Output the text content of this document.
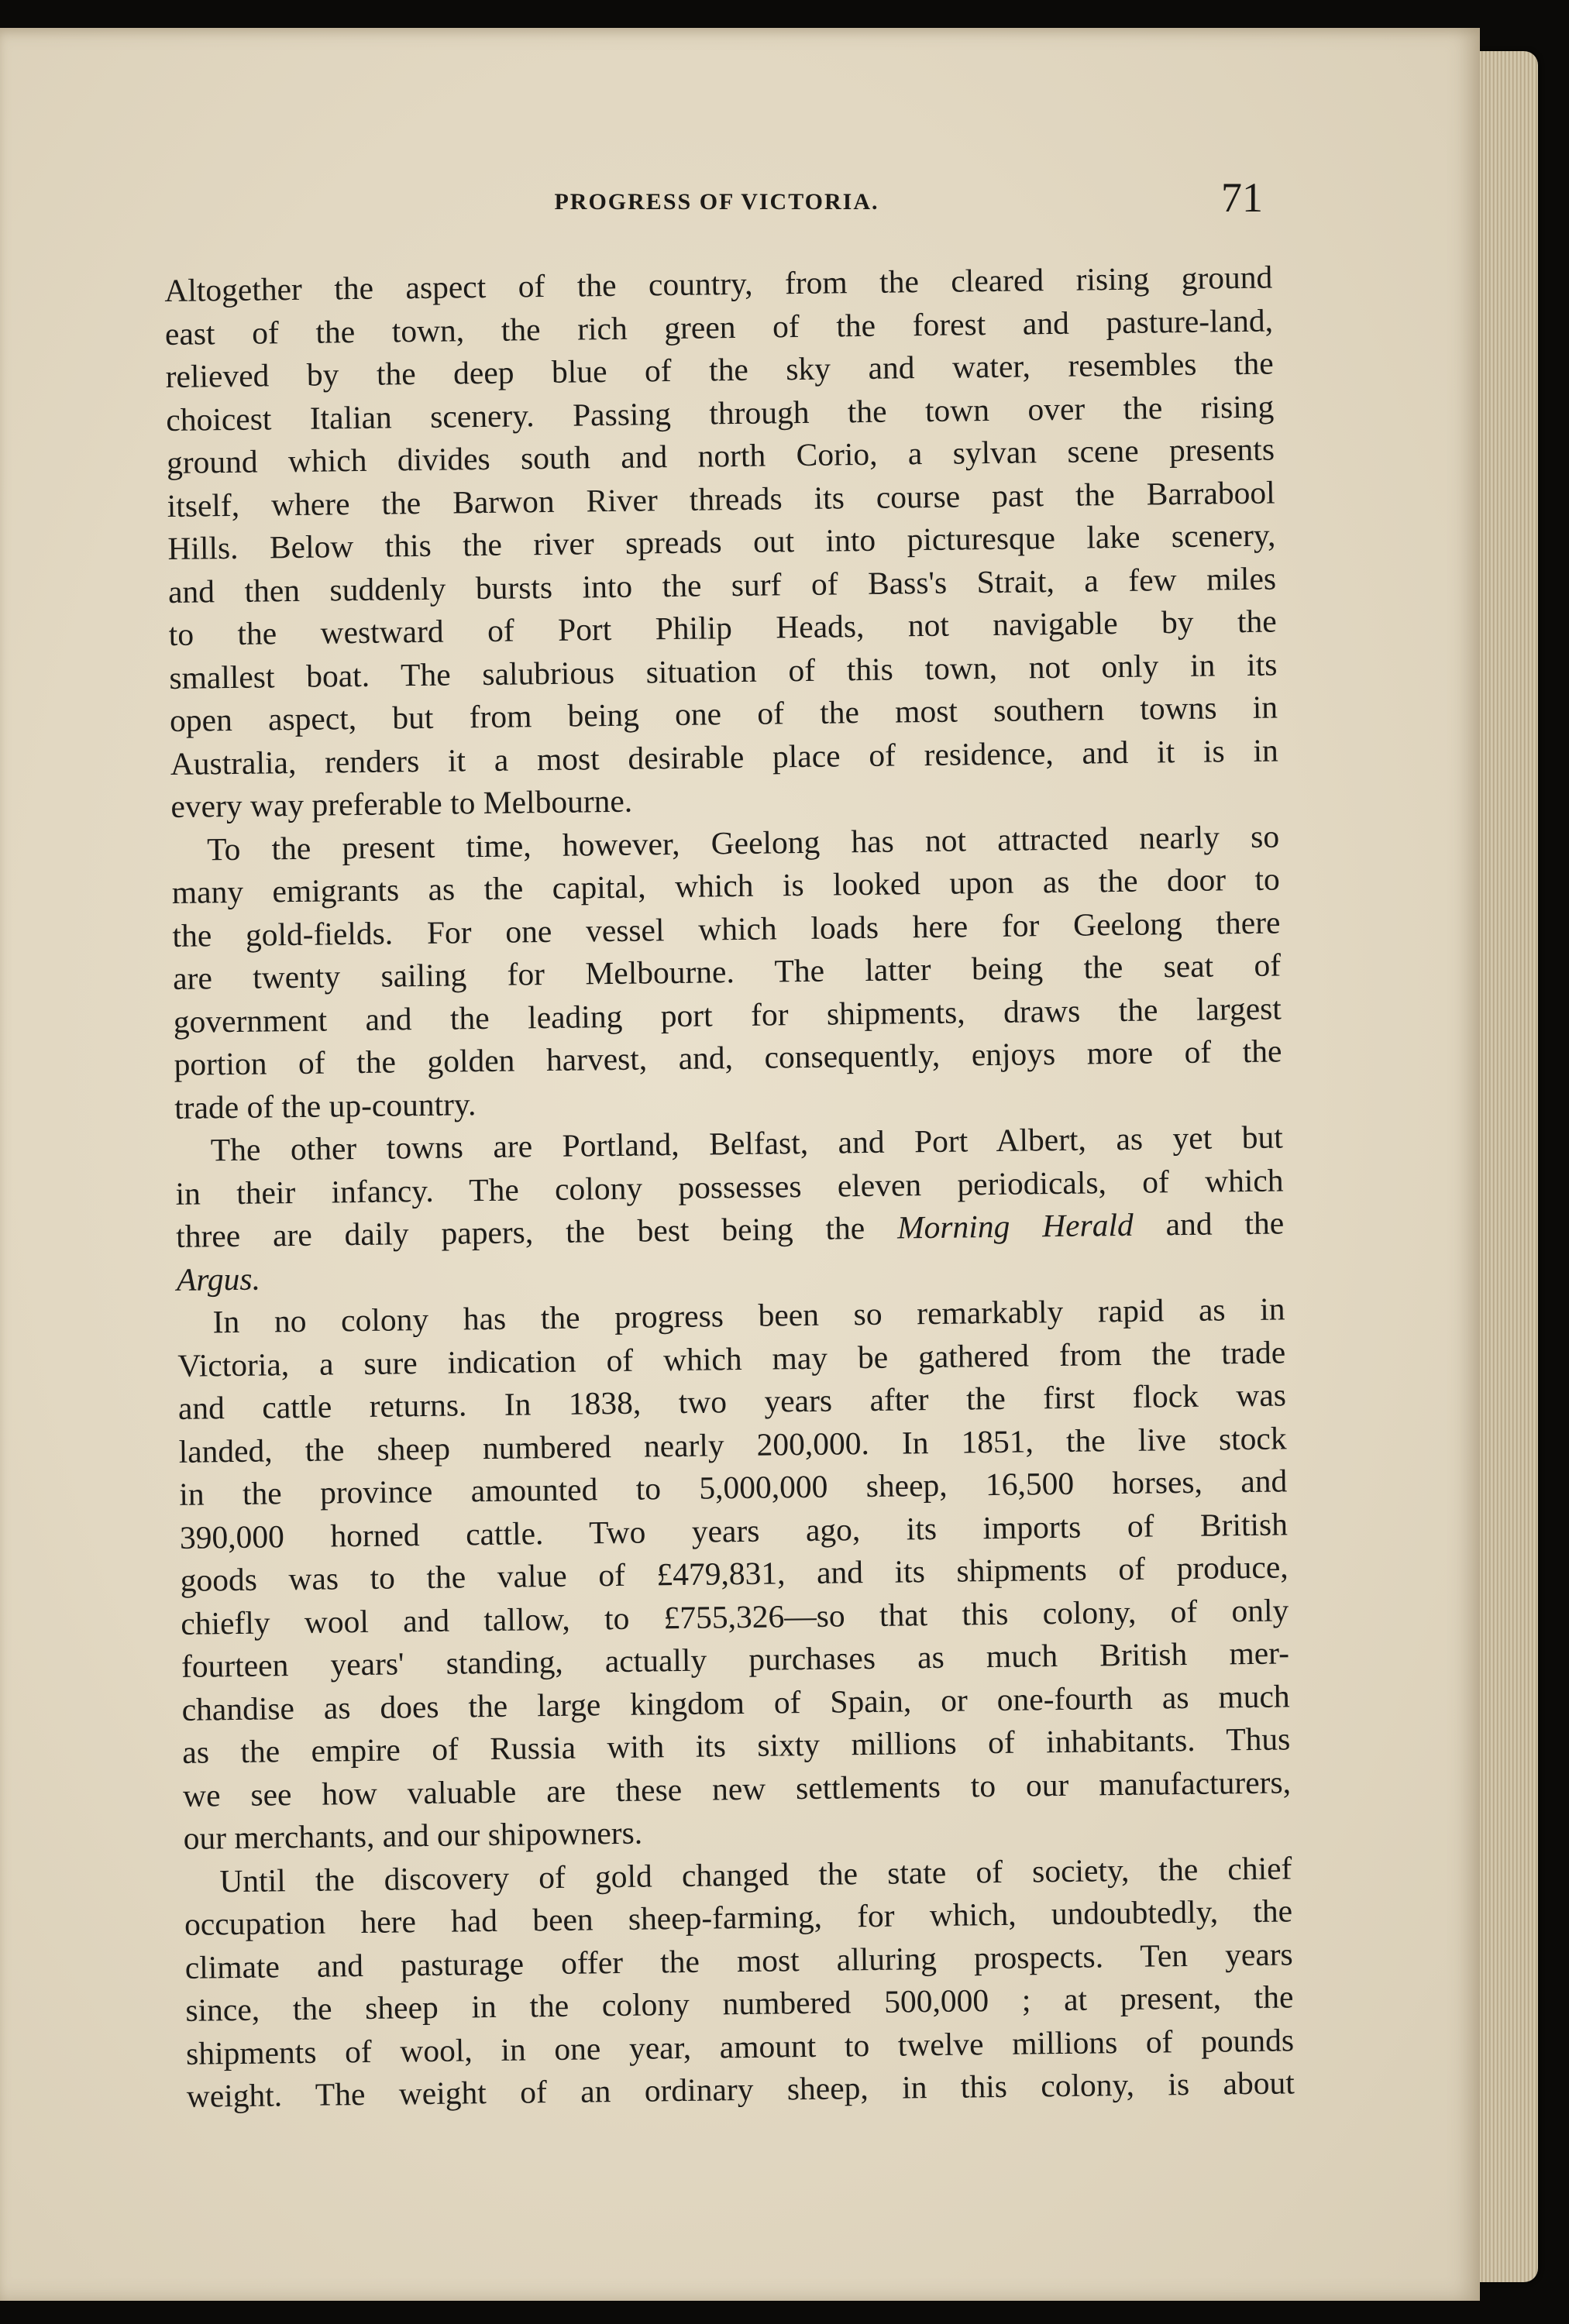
PROGRESS OF VICTORIA.	71
Altogether the aspect of the country, from the cleared rising ground
east of the town, the rich green of the forest and pasture-land,
relieved by the deep blue of the sky and water, resembles the
choicest Italian scenery. Passing through the town over the rising
ground which divides south and north Corio, a sylvan scene presents
itself, where the Barwon River threads its course past the Barrabool
Hills. Below this the river spreads out into picturesque lake scenery,
and then suddenly bursts into the surf of Bass's Strait, a few miles
to the westward of Port Philip Heads, not navigable by the
smallest boat. The salubrious situation of this town, not only in its
open aspect, but from being one of the most southern towns in
Australia, renders it a most desirable place of residence, and it is in
every way preferable to Melbourne.
To the present time, however, Geelong has not attracted nearly so
many emigrants as the capital, which is looked upon as the door to
the gold-fields. For one vessel which loads here for Geelong there
are twenty sailing for Melbourne. The latter being the seat of
government and the leading port for shipments, draws the largest
portion of the golden harvest, and, consequently, enjoys more of the
trade of the up-country.
The other towns are Portland, Belfast, and Port Albert, as yet but
in their infancy. The colony possesses eleven periodicals, of which
three are daily papers, the best being the Morning Herald and the
Argus.
In no colony has the progress been so remarkably rapid as in
Victoria, a sure indication of which may be gathered from the trade
and cattle returns. In 1838, two years after the first flock was
landed, the sheep numbered nearly 200,000. In 1851, the live stock
in the province amounted to 5,000,000 sheep, 16,500 horses, and
390,000 horned cattle. Two years ago, its imports of British
goods was to the value of £479,831, and its shipments of produce,
chiefly wool and tallow, to £755,326—so that this colony, of only
fourteen years' standing, actually purchases as much British mer-
chandise as does the large kingdom of Spain, or one-fourth as much
as the empire of Russia with its sixty millions of inhabitants. Thus
we see how valuable are these new settlements to our manufacturers,
our merchants, and our shipowners.
Until the discovery of gold changed the state of society, the chief
occupation here had been sheep-farming, for which, undoubtedly, the
climate and pasturage offer the most alluring prospects. Ten years
since, the sheep in the colony numbered 500,000 ; at present, the
shipments of wool, in one year, amount to twelve millions of pounds
weight. The weight of an ordinary sheep, in this colony, is about
